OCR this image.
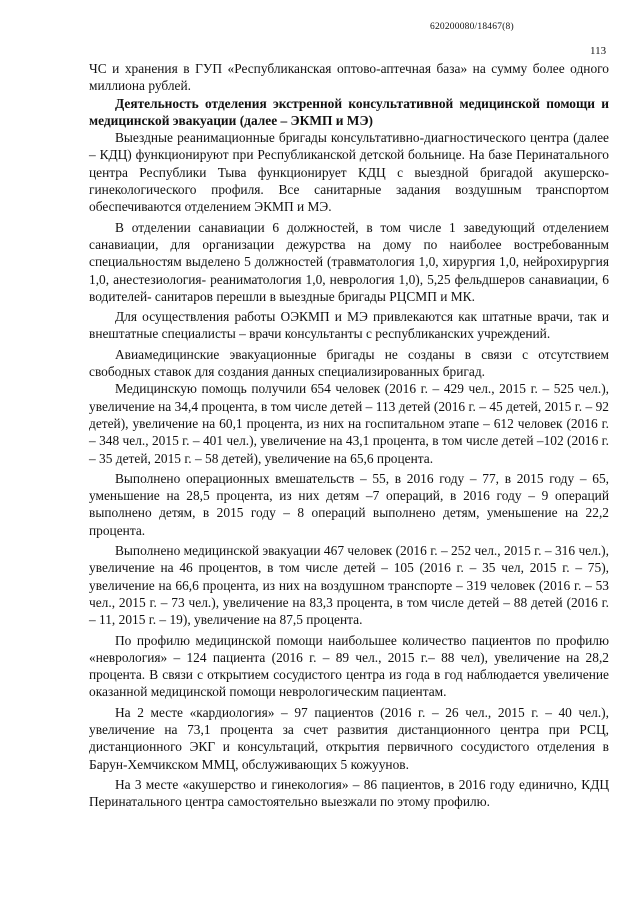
620200080/18467(8)
113

ЧС и хранения в ГУП «Республиканская оптово-аптечная база» на сумму более одного миллиона рублей.

Деятельность отделения экстренной консультативной медицинской помощи и медицинской эвакуации (далее – ЭКМП и МЭ)

Выездные реанимационные бригады консультативно-диагностического центра (далее – КДЦ) функционируют при Республиканской детской больнице. На базе Перинатального центра Республики Тыва функционирует КДЦ с выездной бригадой акушерско- гинекологического профиля. Все санитарные задания воздушным транспортом обеспечиваются отделением ЭКМП и МЭ.

В отделении санавиации 6 должностей, в том числе 1 заведующий отделением санавиации, для организации дежурства на дому по наиболее востребованным специальностям выделено 5 должностей (травматология 1,0, хирургия 1,0, нейрохирургия 1,0, анестезиология- реаниматология 1,0, неврология 1,0), 5,25 фельдшеров санавиации, 6 водителей- санитаров перешли в выездные бригады РЦСМП и МК.

Для осуществления работы ОЭКМП и МЭ привлекаются как штатные врачи, так и внештатные специалисты – врачи консультанты с республиканских учреждений.

Авиамедицинские эвакуационные бригады не созданы в связи с отсутствием свободных ставок для создания данных специализированных бригад.

Медицинскую помощь получили 654 человек (2016 г. – 429 чел., 2015 г. – 525 чел.), увеличение на 34,4 процента, в том числе детей – 113 детей (2016 г. – 45 детей, 2015 г. – 92 детей), увеличение на 60,1 процента, из них на госпитальном этапе – 612 человек (2016 г. – 348 чел., 2015 г. – 401 чел.), увеличение на 43,1 процента, в том числе детей –102 (2016 г. – 35 детей, 2015 г. – 58 детей), увеличение на 65,6 процента.

Выполнено операционных вмешательств – 55, в 2016 году – 77, в 2015 году – 65, уменьшение на 28,5 процента, из них детям –7 операций, в 2016 году – 9 операций выполнено детям, в 2015 году – 8 операций выполнено детям, уменьшение на 22,2 процента.

Выполнено медицинской эвакуации 467 человек (2016 г. – 252 чел., 2015 г. – 316 чел.), увеличение на 46 процентов, в том числе детей – 105 (2016 г. – 35 чел, 2015 г. – 75), увеличение на 66,6 процента, из них на воздушном транспорте – 319 человек (2016 г. – 53 чел., 2015 г. – 73 чел.), увеличение на 83,3 процента, в том числе детей – 88 детей (2016 г. – 11, 2015 г. – 19), увеличение на 87,5 процента.

По профилю медицинской помощи наибольшее количество пациентов по профилю «неврология» – 124 пациента (2016 г. – 89 чел., 2015 г.– 88 чел), увеличение на 28,2 процента. В связи с открытием сосудистого центра из года в год наблюдается увеличение оказанной медицинской помощи неврологическим пациентам.

На 2 месте «кардиология» – 97 пациентов (2016 г. – 26 чел., 2015 г. – 40 чел.), увеличение на 73,1 процента за счет развития дистанционного центра при РСЦ, дистанционного ЭКГ и консультаций, открытия первичного сосудистого отделения в Барун-Хемчикском ММЦ, обслуживающих 5 кожуунов.

На 3 месте «акушерство и гинекология» – 86 пациентов, в 2016 году единично, КДЦ Перинатального центра самостоятельно выезжали по этому профилю.
